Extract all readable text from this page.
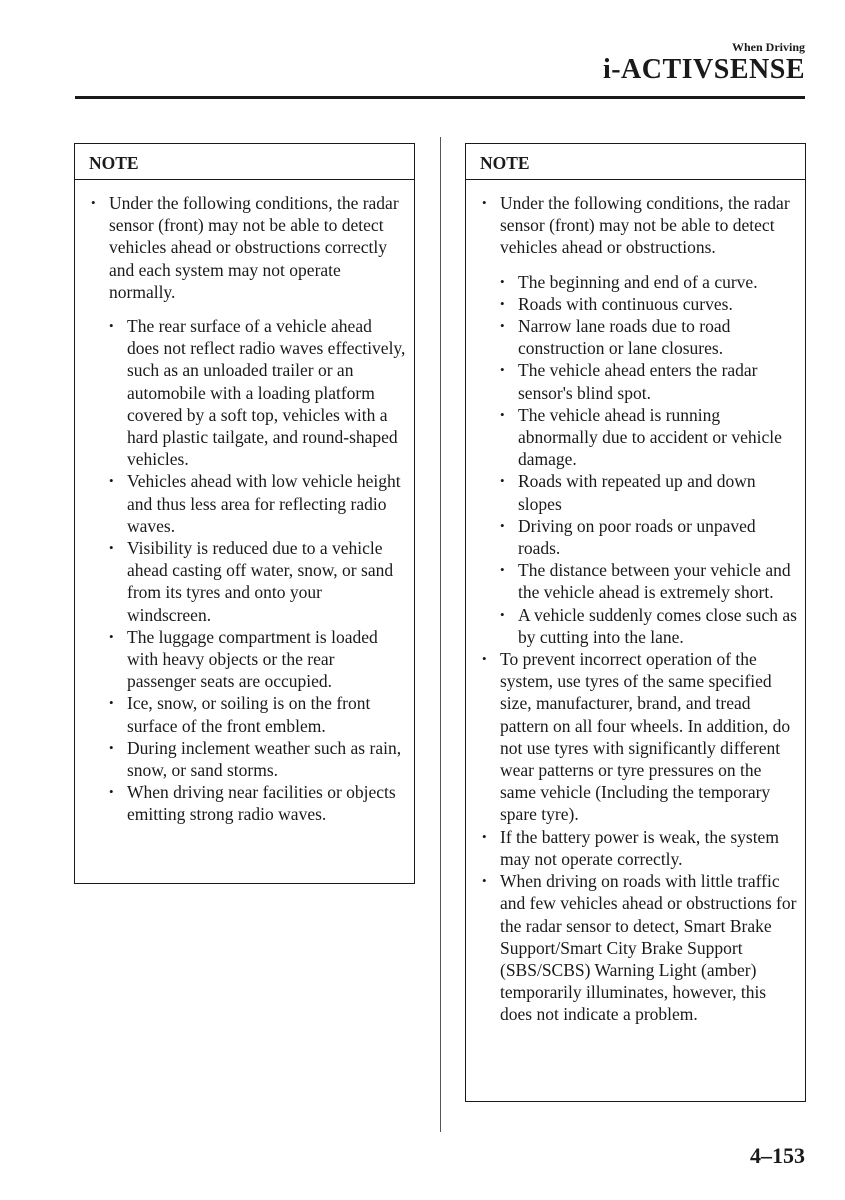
When Driving
i-ACTIVSENSE
NOTE
• Under the following conditions, the radar sensor (front) may not be able to detect vehicles ahead or obstructions correctly and each system may not operate normally.
• The rear surface of a vehicle ahead does not reflect radio waves effectively, such as an unloaded trailer or an automobile with a loading platform covered by a soft top, vehicles with a hard plastic tailgate, and round-shaped vehicles.
• Vehicles ahead with low vehicle height and thus less area for reflecting radio waves.
• Visibility is reduced due to a vehicle ahead casting off water, snow, or sand from its tyres and onto your windscreen.
• The luggage compartment is loaded with heavy objects or the rear passenger seats are occupied.
• Ice, snow, or soiling is on the front surface of the front emblem.
• During inclement weather such as rain, snow, or sand storms.
• When driving near facilities or objects emitting strong radio waves.
NOTE
• Under the following conditions, the radar sensor (front) may not be able to detect vehicles ahead or obstructions.
• The beginning and end of a curve.
• Roads with continuous curves.
• Narrow lane roads due to road construction or lane closures.
• The vehicle ahead enters the radar sensor's blind spot.
• The vehicle ahead is running abnormally due to accident or vehicle damage.
• Roads with repeated up and down slopes
• Driving on poor roads or unpaved roads.
• The distance between your vehicle and the vehicle ahead is extremely short.
• A vehicle suddenly comes close such as by cutting into the lane.
• To prevent incorrect operation of the system, use tyres of the same specified size, manufacturer, brand, and tread pattern on all four wheels. In addition, do not use tyres with significantly different wear patterns or tyre pressures on the same vehicle (Including the temporary spare tyre).
• If the battery power is weak, the system may not operate correctly.
• When driving on roads with little traffic and few vehicles ahead or obstructions for the radar sensor to detect, Smart Brake Support/Smart City Brake Support (SBS/SCBS) Warning Light (amber) temporarily illuminates, however, this does not indicate a problem.
4–153
